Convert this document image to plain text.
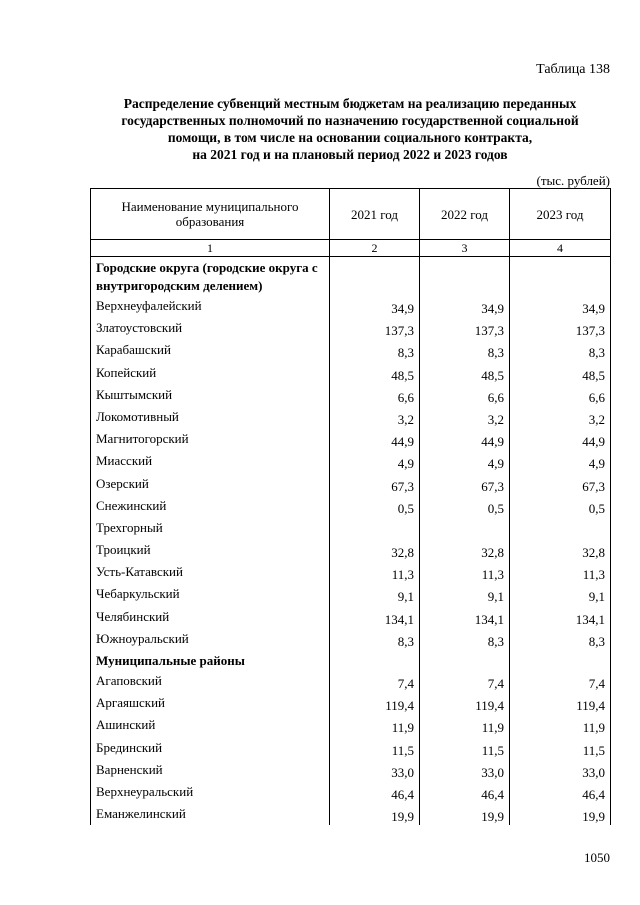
Таблица 138
Распределение субвенций местным бюджетам на реализацию переданных
государственных полномочий по назначению государственной социальной
помощи, в том числе на основании социального контракта,
на 2021 год и на плановый период 2022 и 2023 годов
(тыс. рублей)
Наименование муниципального образования	2021 год	2022 год	2023 год
1	2	3	4
Городские округа (городские округа с внутригородским делением)			
Верхнеуфалейский	34,9	34,9	34,9
Златоустовский	137,3	137,3	137,3
Карабашский	8,3	8,3	8,3
Копейский	48,5	48,5	48,5
Кыштымский	6,6	6,6	6,6
Локомотивный	3,2	3,2	3,2
Магнитогорский	44,9	44,9	44,9
Миасский	4,9	4,9	4,9
Озерский	67,3	67,3	67,3
Снежинский	0,5	0,5	0,5
Трехгорный			
Троицкий	32,8	32,8	32,8
Усть-Катавский	11,3	11,3	11,3
Чебаркульский	9,1	9,1	9,1
Челябинский	134,1	134,1	134,1
Южноуральский	8,3	8,3	8,3
Муниципальные районы			
Агаповский	7,4	7,4	7,4
Аргаяшский	119,4	119,4	119,4
Ашинский	11,9	11,9	11,9
Брединский	11,5	11,5	11,5
Варненский	33,0	33,0	33,0
Верхнеуральский	46,4	46,4	46,4
Еманжелинский	19,9	19,9	19,9
1050
